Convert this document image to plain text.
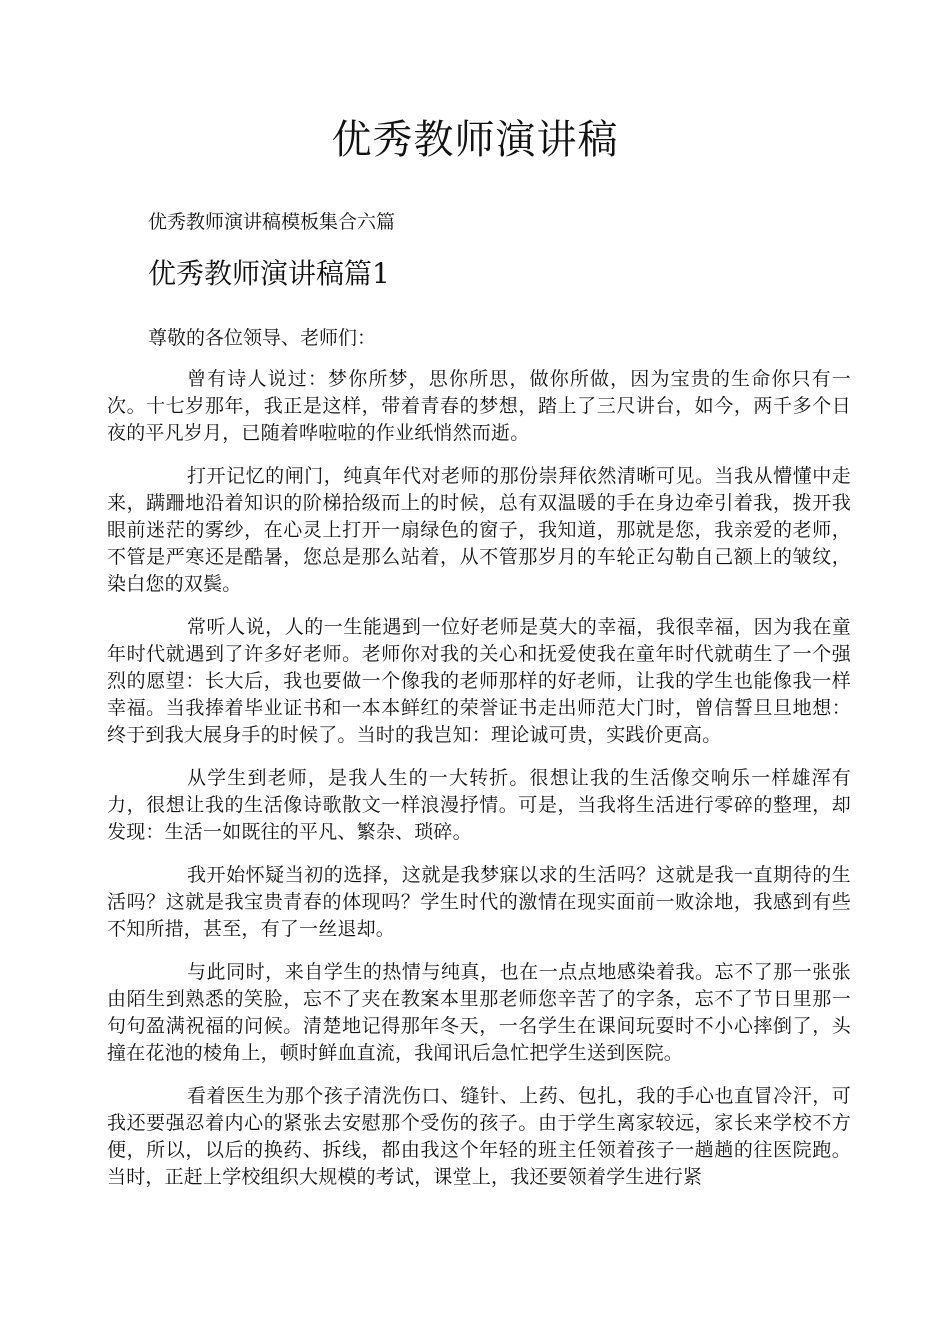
优秀教师演讲稿

优秀教师演讲稿模板集合六篇

优秀教师演讲稿篇1

尊敬的各位领导、老师们：

曾有诗人说过：梦你所梦，思你所思，做你所做，因为宝贵的生命你只有一次。十七岁那年，我正是这样，带着青春的梦想，踏上了三尺讲台，如今，两千多个日夜的平凡岁月，已随着哗啦啦的作业纸悄然而逝。

打开记忆的闸门，纯真年代对老师的那份崇拜依然清晰可见。当我从懵懂中走来，蹒跚地沿着知识的阶梯拾级而上的时候，总有双温暖的手在身边牵引着我，拨开我眼前迷茫的雾纱，在心灵上打开一扇绿色的窗子，我知道，那就是您，我亲爱的老师，不管是严寒还是酷暑，您总是那么站着，从不管那岁月的车轮正勾勒自己额上的皱纹，染白您的双鬓。

常听人说，人的一生能遇到一位好老师是莫大的幸福，我很幸福，因为我在童年时代就遇到了许多好老师。老师你对我的关心和抚爱使我在童年时代就萌生了一个强烈的愿望：长大后，我也要做一个像我的老师那样的好老师，让我的学生也能像我一样幸福。当我捧着毕业证书和一本本鲜红的荣誉证书走出师范大门时，曾信誓旦旦地想：终于到我大展身手的时候了。当时的我岂知：理论诚可贵，实践价更高。

从学生到老师，是我人生的一大转折。很想让我的生活像交响乐一样雄浑有力，很想让我的生活像诗歌散文一样浪漫抒情。可是，当我将生活进行零碎的整理，却发现：生活一如既往的平凡、繁杂、琐碎。

我开始怀疑当初的选择，这就是我梦寐以求的生活吗？这就是我一直期待的生活吗？这就是我宝贵青春的体现吗？学生时代的激情在现实面前一败涂地，我感到有些不知所措，甚至，有了一丝退却。

与此同时，来自学生的热情与纯真，也在一点点地感染着我。忘不了那一张张由陌生到熟悉的笑脸，忘不了夹在教案本里那老师您辛苦了的字条，忘不了节日里那一句句盈满祝福的问候。清楚地记得那年冬天，一名学生在课间玩耍时不小心摔倒了，头撞在花池的棱角上，顿时鲜血直流，我闻讯后急忙把学生送到医院。

看着医生为那个孩子清洗伤口、缝针、上药、包扎，我的手心也直冒冷汗，可我还要强忍着内心的紧张去安慰那个受伤的孩子。由于学生离家较远，家长来学校不方便，所以，以后的换药、拆线，都由我这个年轻的班主任领着孩子一趟趟的往医院跑。当时，正赶上学校组织大规模的考试，课堂上，我还要领着学生进行紧
